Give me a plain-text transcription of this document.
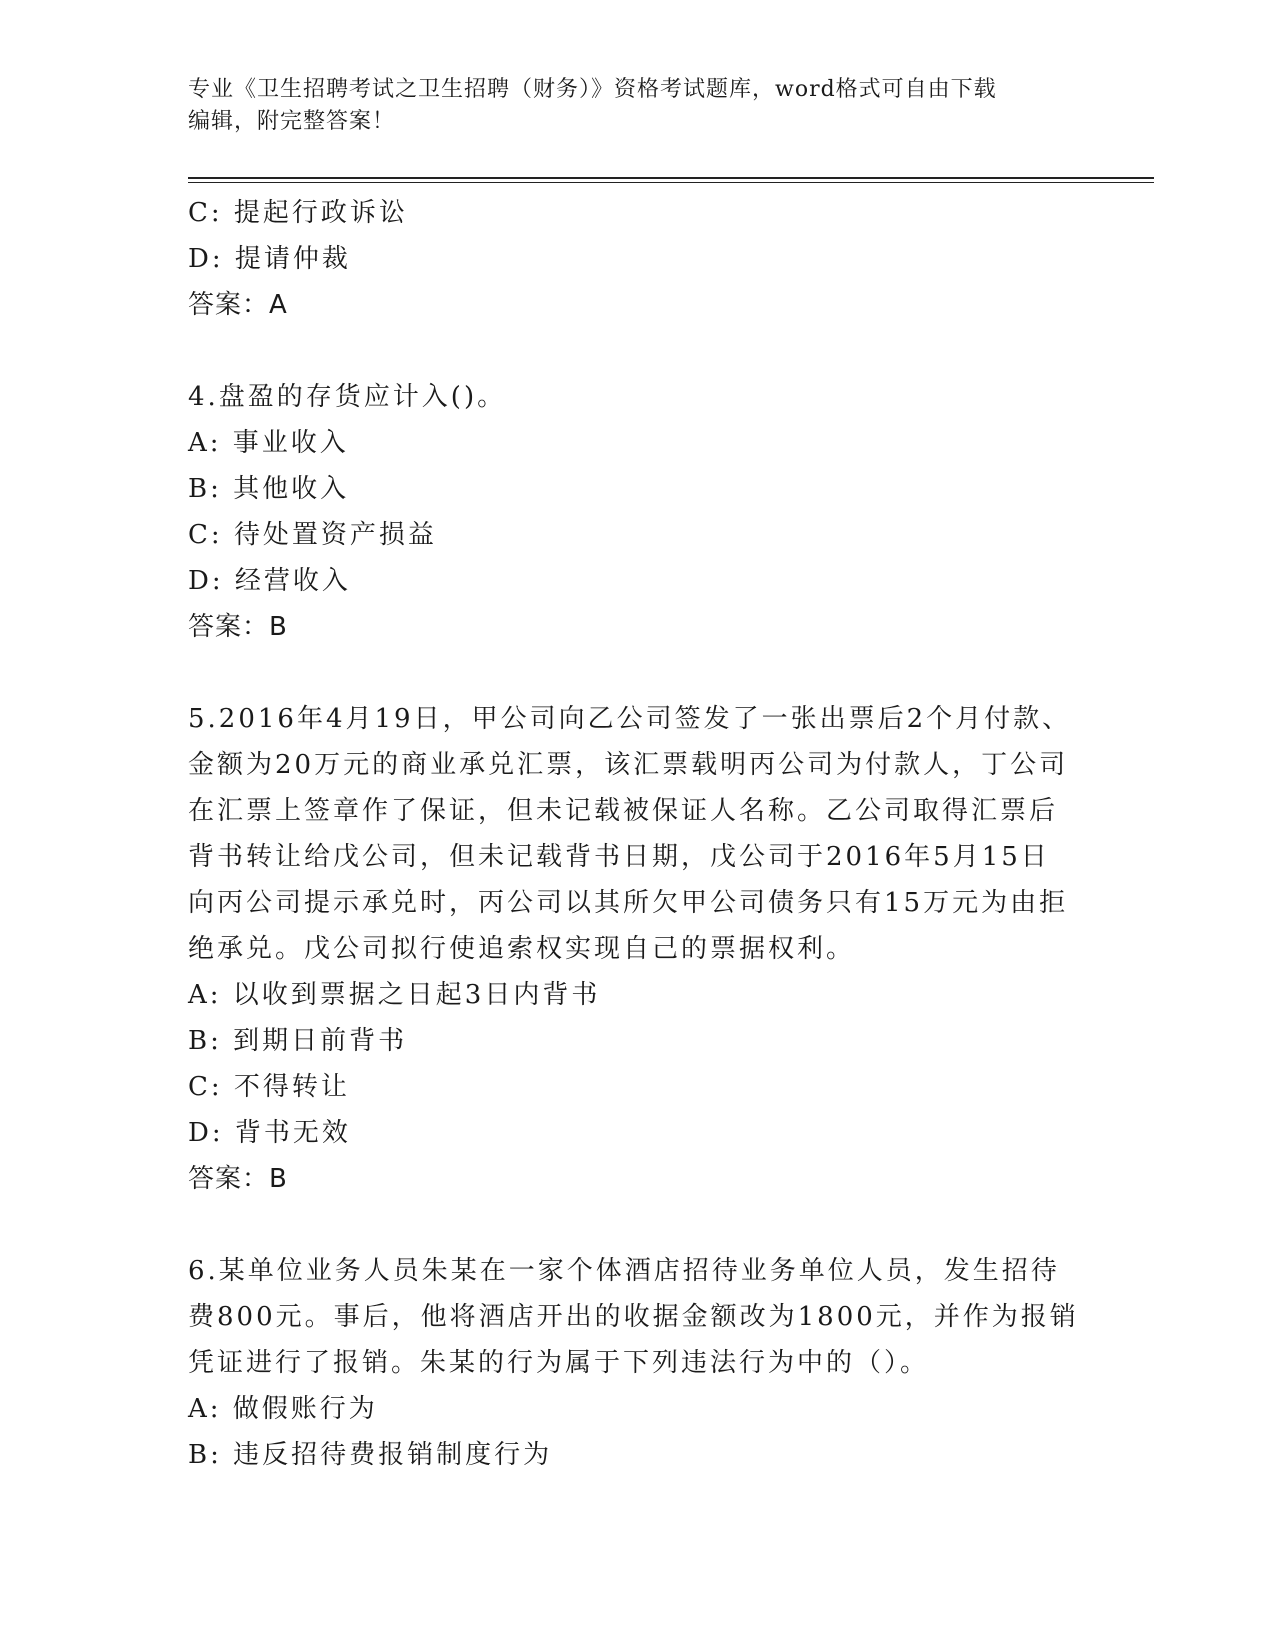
专业《卫生招聘考试之卫生招聘（财务）》资格考试题库，word格式可自由下载
编辑，附完整答案！
C: 提起行政诉讼
D: 提请仲裁
答案：A
4.盘盈的存货应计入()。
A: 事业收入
B: 其他收入
C: 待处置资产损益
D: 经营收入
答案：B
5.2016年4月19日，甲公司向乙公司签发了一张出票后2个月付款、
金额为20万元的商业承兑汇票，该汇票载明丙公司为付款人，丁公司
在汇票上签章作了保证，但未记载被保证人名称。乙公司取得汇票后
背书转让给戊公司，但未记载背书日期，戊公司于2016年5月15日
向丙公司提示承兑时，丙公司以其所欠甲公司债务只有15万元为由拒
绝承兑。戊公司拟行使追索权实现自己的票据权利。
A: 以收到票据之日起3日内背书
B: 到期日前背书
C: 不得转让
D: 背书无效
答案：B
6.某单位业务人员朱某在一家个体酒店招待业务单位人员，发生招待
费800元。事后，他将酒店开出的收据金额改为1800元，并作为报销
凭证进行了报销。朱某的行为属于下列违法行为中的（）。
A: 做假账行为
B: 违反招待费报销制度行为
